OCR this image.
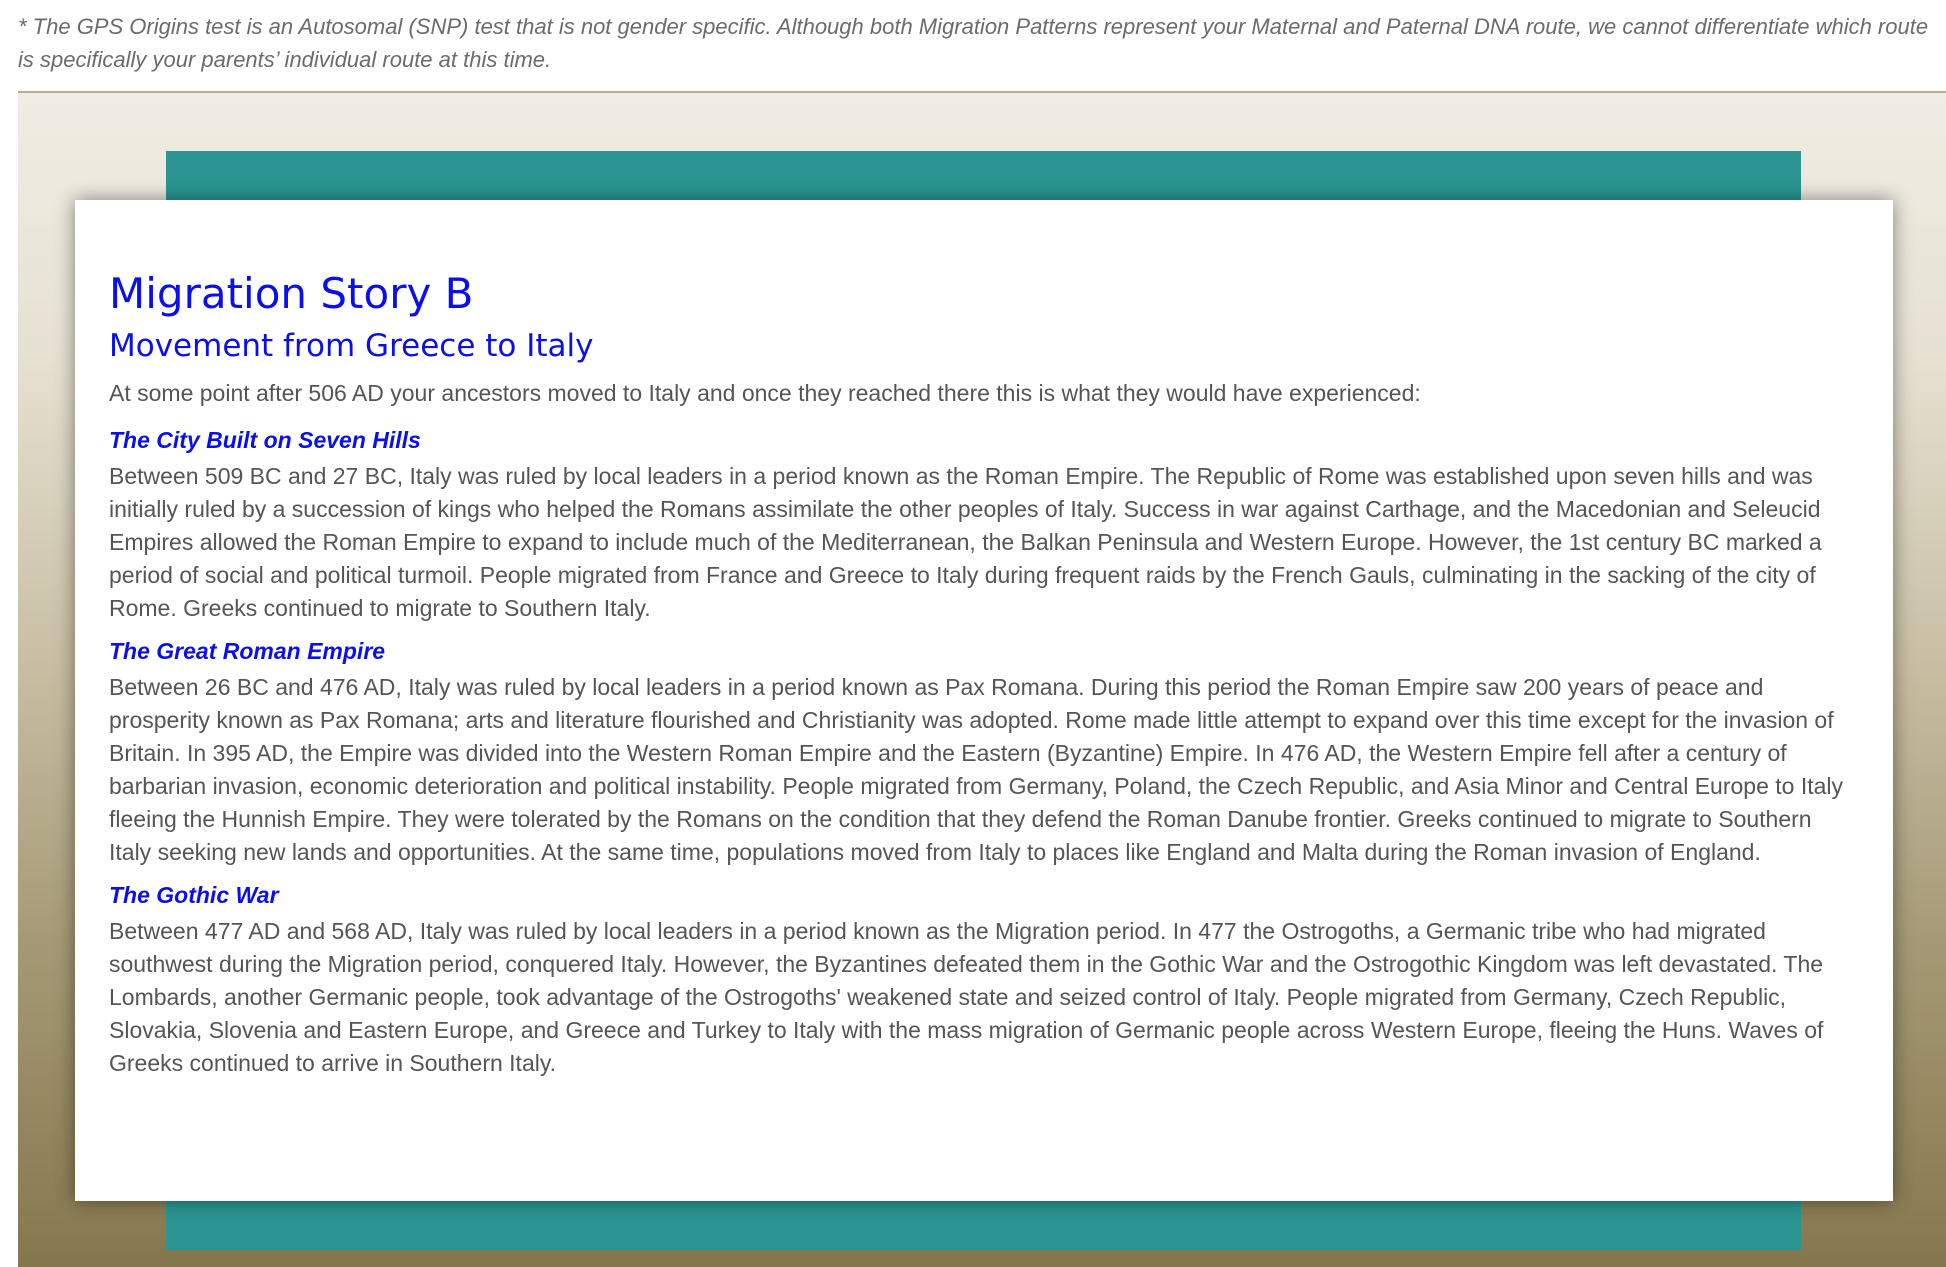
* The GPS Origins test is an Autosomal (SNP) test that is not gender specific. Although both Migration Patterns represent your Maternal and Paternal DNA route, we cannot differentiate which route is specifically your parents’ individual route at this time.

Migration Story B
Movement from Greece to Italy

At some point after 506 AD your ancestors moved to Italy and once they reached there this is what they would have experienced:

The City Built on Seven Hills

Between 509 BC and 27 BC, Italy was ruled by local leaders in a period known as the Roman Empire. The Republic of Rome was established upon seven hills and was initially ruled by a succession of kings who helped the Romans assimilate the other peoples of Italy. Success in war against Carthage, and the Macedonian and Seleucid Empires allowed the Roman Empire to expand to include much of the Mediterranean, the Balkan Peninsula and Western Europe. However, the 1st century BC marked a period of social and political turmoil. People migrated from France and Greece to Italy during frequent raids by the French Gauls, culminating in the sacking of the city of Rome. Greeks continued to migrate to Southern Italy.

The Great Roman Empire

Between 26 BC and 476 AD, Italy was ruled by local leaders in a period known as Pax Romana. During this period the Roman Empire saw 200 years of peace and prosperity known as Pax Romana; arts and literature flourished and Christianity was adopted. Rome made little attempt to expand over this time except for the invasion of Britain. In 395 AD, the Empire was divided into the Western Roman Empire and the Eastern (Byzantine) Empire. In 476 AD, the Western Empire fell after a century of barbarian invasion, economic deterioration and political instability. People migrated from Germany, Poland, the Czech Republic, and Asia Minor and Central Europe to Italy fleeing the Hunnish Empire. They were tolerated by the Romans on the condition that they defend the Roman Danube frontier. Greeks continued to migrate to Southern Italy seeking new lands and opportunities. At the same time, populations moved from Italy to places like England and Malta during the Roman invasion of England.

The Gothic War

Between 477 AD and 568 AD, Italy was ruled by local leaders in a period known as the Migration period. In 477 the Ostrogoths, a Germanic tribe who had migrated southwest during the Migration period, conquered Italy. However, the Byzantines defeated them in the Gothic War and the Ostrogothic Kingdom was left devastated. The Lombards, another Germanic people, took advantage of the Ostrogoths' weakened state and seized control of Italy. People migrated from Germany, Czech Republic, Slovakia, Slovenia and Eastern Europe, and Greece and Turkey to Italy with the mass migration of Germanic people across Western Europe, fleeing the Huns. Waves of Greeks continued to arrive in Southern Italy.
